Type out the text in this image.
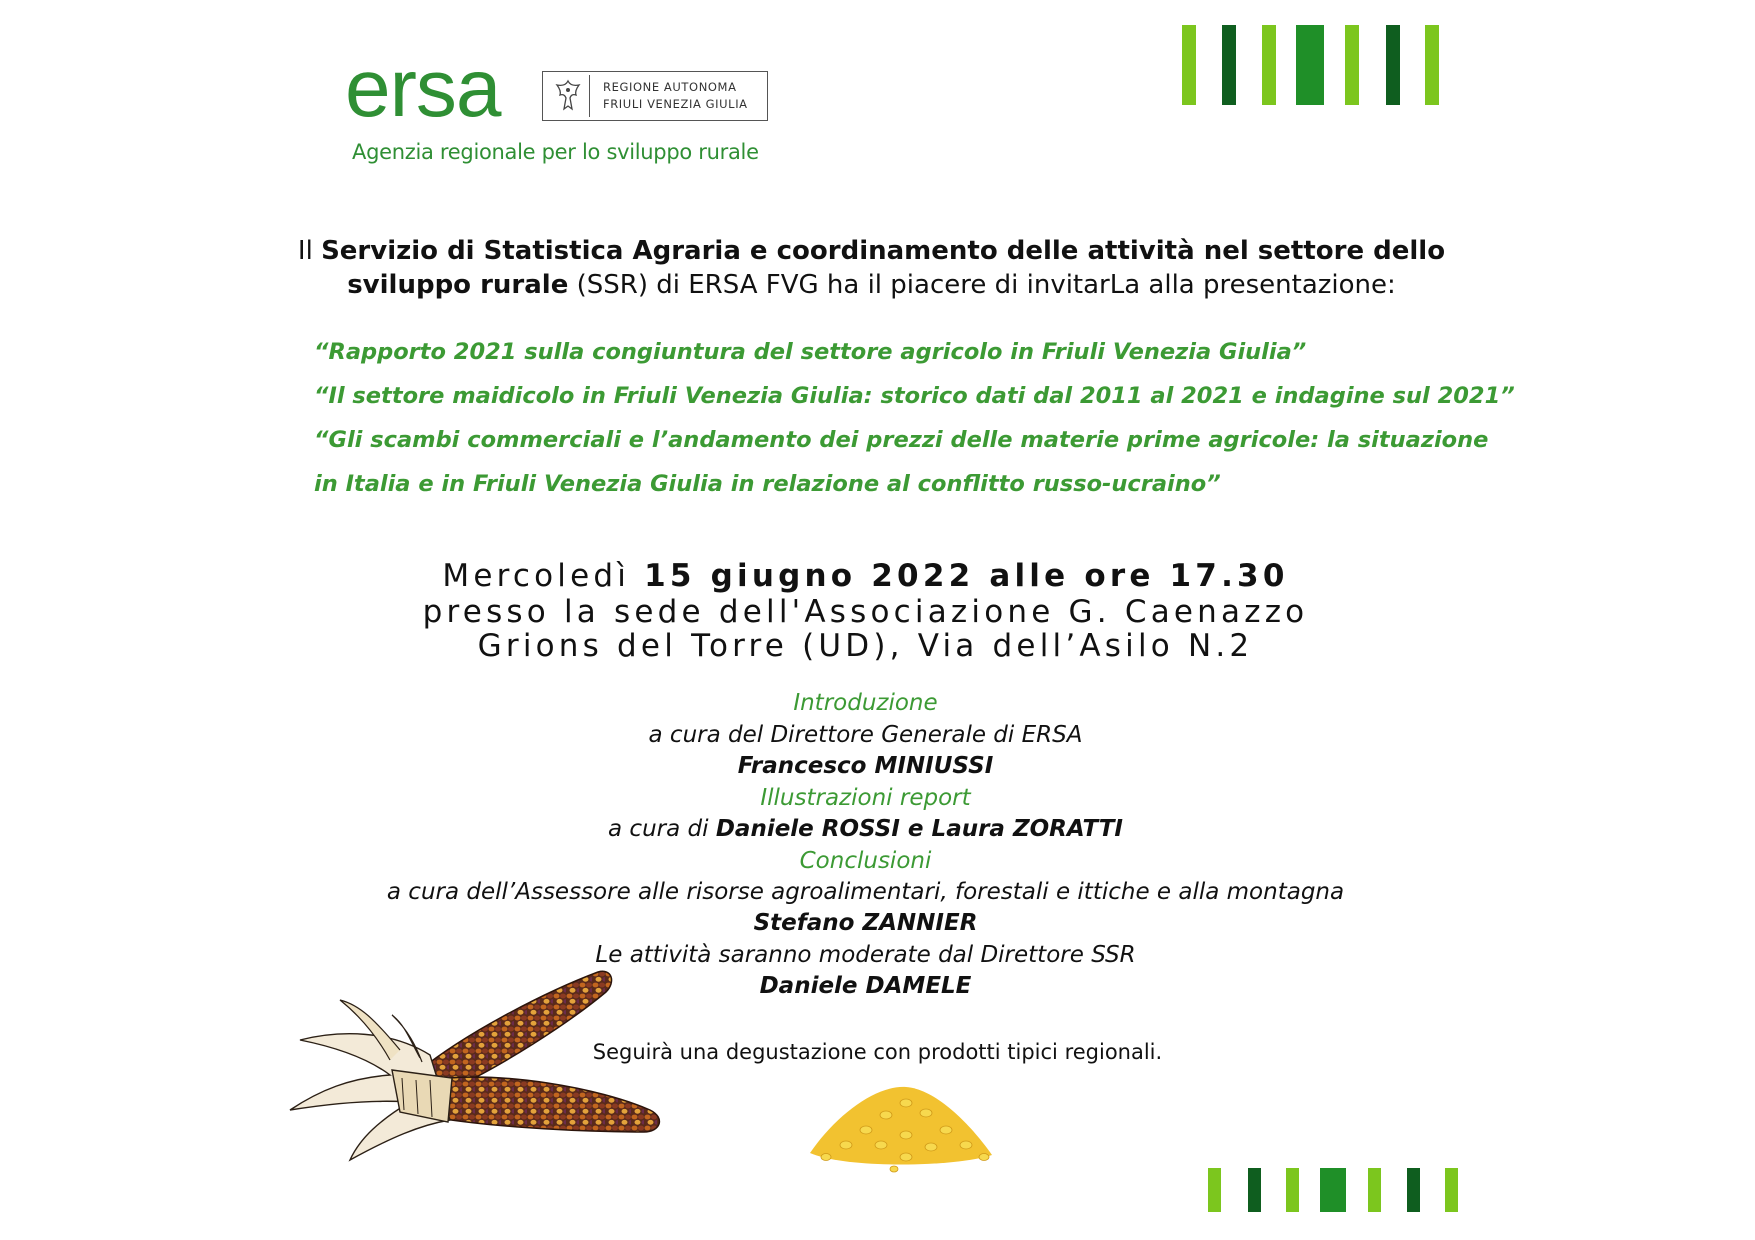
ersa	REGIONE AUTONOMA
FRIULI VENEZIA GIULIA
Agenzia regionale per lo sviluppo rurale
Il Servizio di Statistica Agraria e coordinamento delle attività nel settore dello
sviluppo rurale (SSR) di ERSA FVG ha il piacere di invitarLa alla presentazione:
“Rapporto 2021 sulla congiuntura del settore agricolo in Friuli Venezia Giulia”
“Il settore maidicolo in Friuli Venezia Giulia: storico dati dal 2011 al 2021 e indagine sul 2021”
“Gli scambi commerciali e l’andamento dei prezzi delle materie prime agricole: la situazione
in Italia e in Friuli Venezia Giulia in relazione al conflitto russo-ucraino”
Mercoledì 15 giugno 2022 alle ore 17.30
presso la sede dell'Associazione G. Caenazzo
Grions del Torre (UD), Via dell’Asilo N.2
Introduzione
a cura del Direttore Generale di ERSA
Francesco MINIUSSI
Illustrazioni report
a cura di Daniele ROSSI e Laura ZORATTI
Conclusioni
a cura dell’Assessore alle risorse agroalimentari, forestali e ittiche e alla montagna
Stefano ZANNIER
Le attività saranno moderate dal Direttore SSR
Daniele DAMELE
Seguirà una degustazione con prodotti tipici regionali.
